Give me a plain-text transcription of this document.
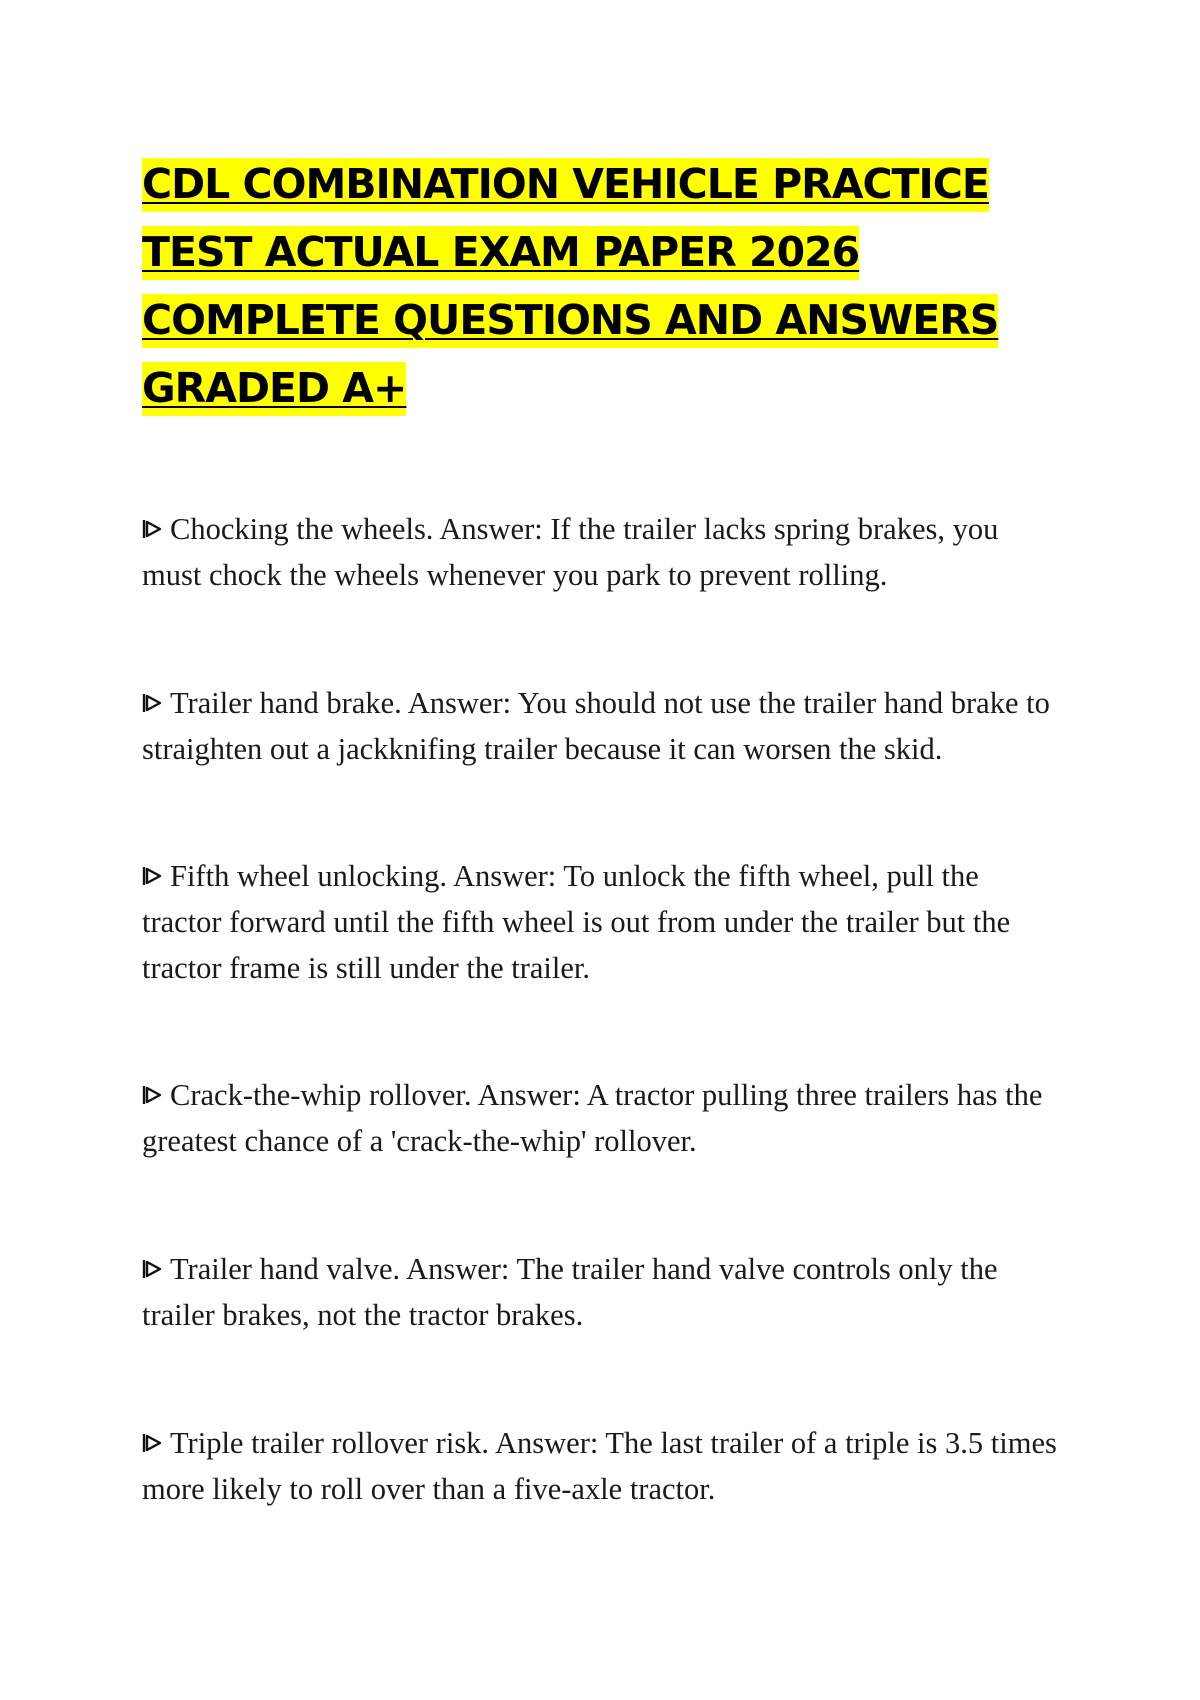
CDL COMBINATION VEHICLE PRACTICE TEST ACTUAL EXAM PAPER 2026 COMPLETE QUESTIONS AND ANSWERS GRADED A+

Chocking the wheels. Answer: If the trailer lacks spring brakes, you must chock the wheels whenever you park to prevent rolling.

Trailer hand brake. Answer: You should not use the trailer hand brake to straighten out a jackknifing trailer because it can worsen the skid.

Fifth wheel unlocking. Answer: To unlock the fifth wheel, pull the tractor forward until the fifth wheel is out from under the trailer but the tractor frame is still under the trailer.

Crack-the-whip rollover. Answer: A tractor pulling three trailers has the greatest chance of a 'crack-the-whip' rollover.

Trailer hand valve. Answer: The trailer hand valve controls only the trailer brakes, not the tractor brakes.

Triple trailer rollover risk. Answer: The last trailer of a triple is 3.5 times more likely to roll over than a five-axle tractor.
